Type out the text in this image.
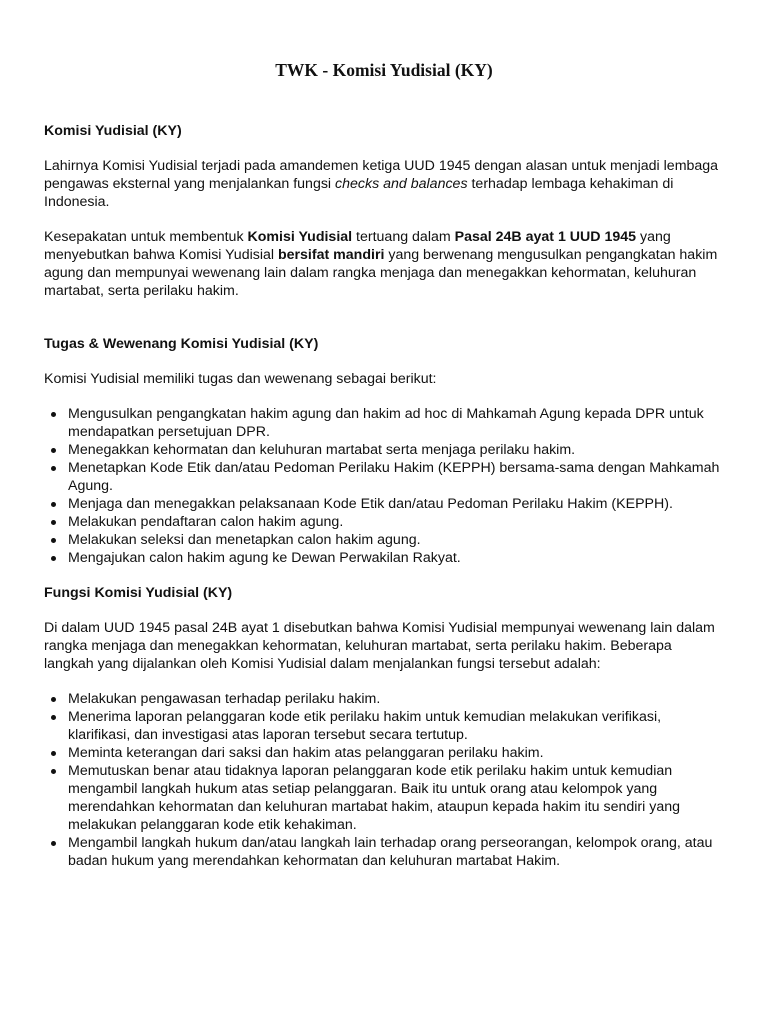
TWK - Komisi Yudisial (KY)
Komisi Yudisial (KY)

Lahirnya Komisi Yudisial terjadi pada amandemen ketiga UUD 1945 dengan alasan untuk menjadi lembaga pengawas eksternal yang menjalankan fungsi checks and balances terhadap lembaga kehakiman di Indonesia.

Kesepakatan untuk membentuk Komisi Yudisial tertuang dalam Pasal 24B ayat 1 UUD 1945 yang menyebutkan bahwa Komisi Yudisial bersifat mandiri yang berwenang mengusulkan pengangkatan hakim agung dan mempunyai wewenang lain dalam rangka menjaga dan menegakkan kehormatan, keluhuran martabat, serta perilaku hakim.

Tugas & Wewenang Komisi Yudisial (KY)

Komisi Yudisial memiliki tugas dan wewenang sebagai berikut:

Mengusulkan pengangkatan hakim agung dan hakim ad hoc di Mahkamah Agung kepada DPR untuk mendapatkan persetujuan DPR.
Menegakkan kehormatan dan keluhuran martabat serta menjaga perilaku hakim.
Menetapkan Kode Etik dan/atau Pedoman Perilaku Hakim (KEPPH) bersama-sama dengan Mahkamah Agung.
Menjaga dan menegakkan pelaksanaan Kode Etik dan/atau Pedoman Perilaku Hakim (KEPPH).
Melakukan pendaftaran calon hakim agung.
Melakukan seleksi dan menetapkan calon hakim agung.
Mengajukan calon hakim agung ke Dewan Perwakilan Rakyat.
Fungsi Komisi Yudisial (KY)

Di dalam UUD 1945 pasal 24B ayat 1 disebutkan bahwa Komisi Yudisial mempunyai wewenang lain dalam rangka menjaga dan menegakkan kehormatan, keluhuran martabat, serta perilaku hakim. Beberapa langkah yang dijalankan oleh Komisi Yudisial dalam menjalankan fungsi tersebut adalah:

Melakukan pengawasan terhadap perilaku hakim.
Menerima laporan pelanggaran kode etik perilaku hakim untuk kemudian melakukan verifikasi, klarifikasi, dan investigasi atas laporan tersebut secara tertutup.
Meminta keterangan dari saksi dan hakim atas pelanggaran perilaku hakim.
Memutuskan benar atau tidaknya laporan pelanggaran kode etik perilaku hakim untuk kemudian mengambil langkah hukum atas setiap pelanggaran. Baik itu untuk orang atau kelompok yang merendahkan kehormatan dan keluhuran martabat hakim, ataupun kepada hakim itu sendiri yang melakukan pelanggaran kode etik kehakiman.
Mengambil langkah hukum dan/atau langkah lain terhadap orang perseorangan, kelompok orang, atau badan hukum yang merendahkan kehormatan dan keluhuran martabat Hakim.
